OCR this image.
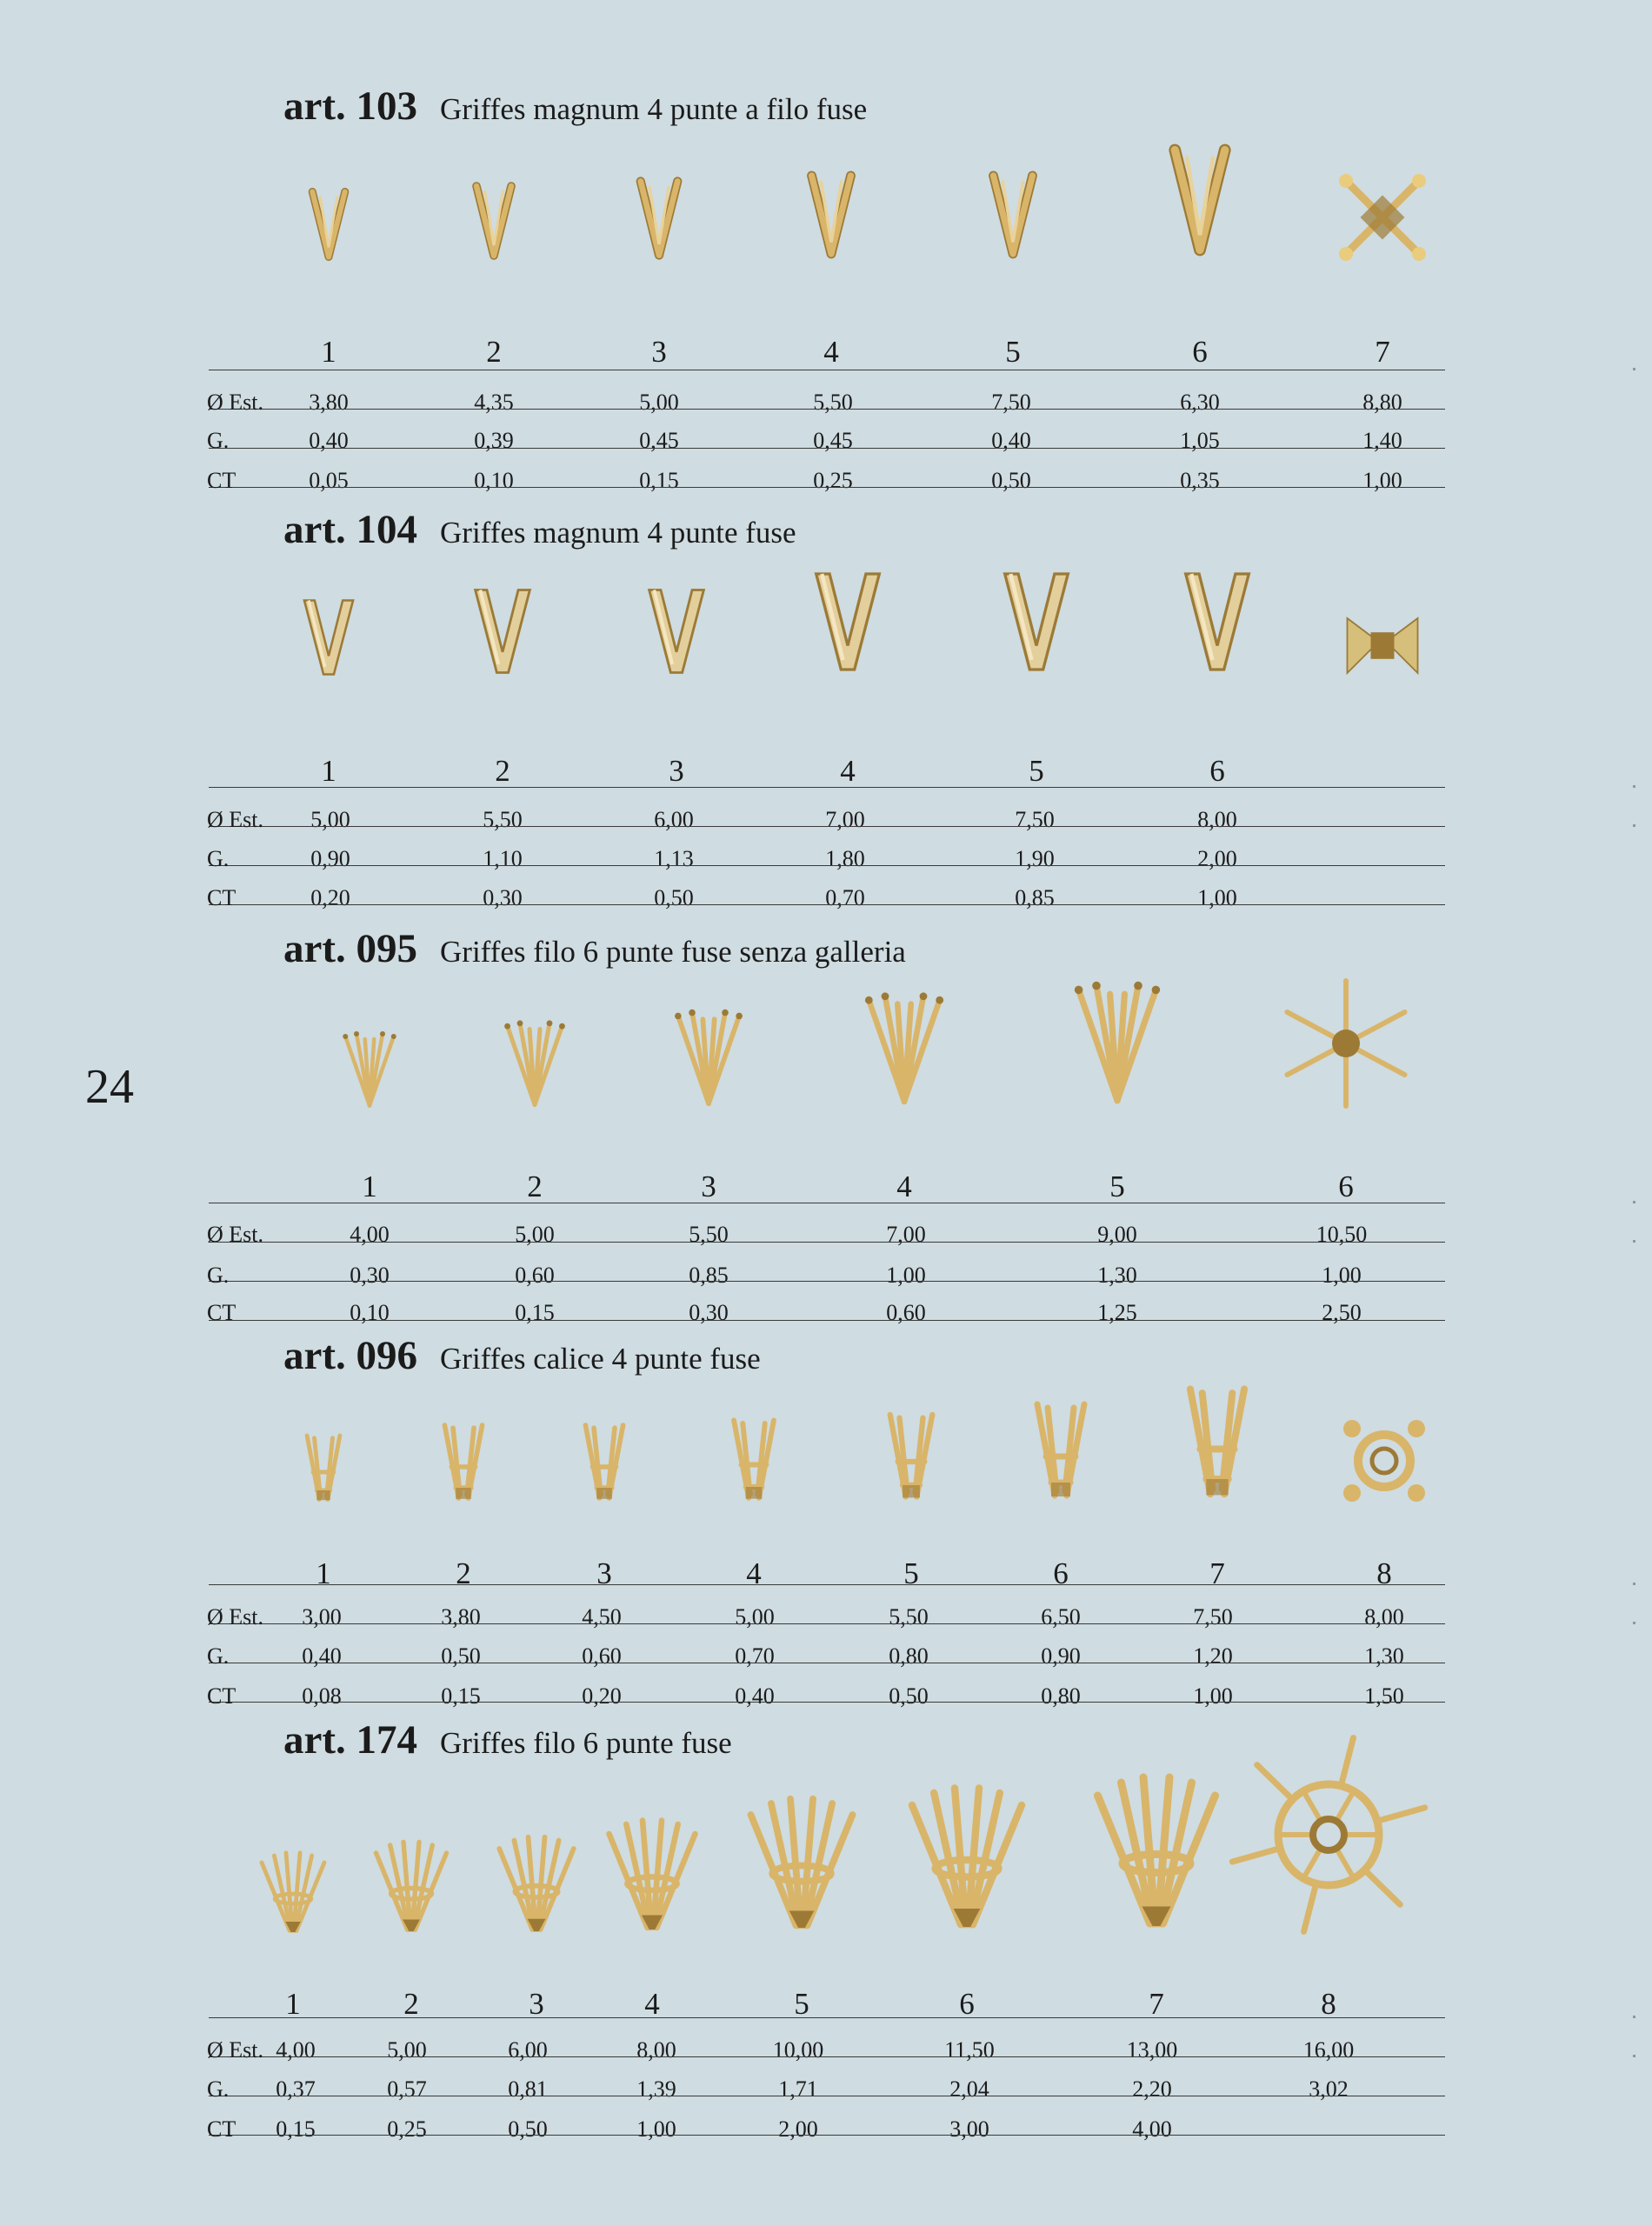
24
art. 103 Griffes magnum 4 punte a filo fuse
1
3,80
0,40
0,05
2
4,35
0,39
0,10
3
5,00
0,45
0,15
4
5,50
0,45
0,25
5
7,50
0,40
0,50
6
6,30
1,05
0,35
7
8,80
1,40
1,00
Ø Est.
G.
CT
art. 104 Griffes magnum 4 punte fuse
1
5,00
0,90
0,20
2
5,50
1,10
0,30
3
6,00
1,13
0,50
4
7,00
1,80
0,70
5
7,50
1,90
0,85
6
8,00
2,00
1,00
Ø Est.
G.
CT
art. 095 Griffes filo 6 punte fuse senza galleria
1
4,00
0,30
0,10
2
5,00
0,60
0,15
3
5,50
0,85
0,30
4
7,00
1,00
0,60
5
9,00
1,30
1,25
6
10,50
1,00
2,50
Ø Est.
G.
CT
art. 096 Griffes calice 4 punte fuse
1
3,00
0,40
0,08
2
3,80
0,50
0,15
3
4,50
0,60
0,20
4
5,00
0,70
0,40
5
5,50
0,80
0,50
6
6,50
0,90
0,80
7
7,50
1,20
1,00
8
8,00
1,30
1,50
Ø Est.
G.
CT
art. 174 Griffes filo 6 punte fuse
1
4,00
0,37
0,15
2
5,00
0,57
0,25
3
6,00
0,81
0,50
4
8,00
1,39
1,00
5
10,00
1,71
2,00
6
11,50
2,04
3,00
7
13,00
2,20
4,00
8
16,00
3,02
Ø Est.
G.
CT
